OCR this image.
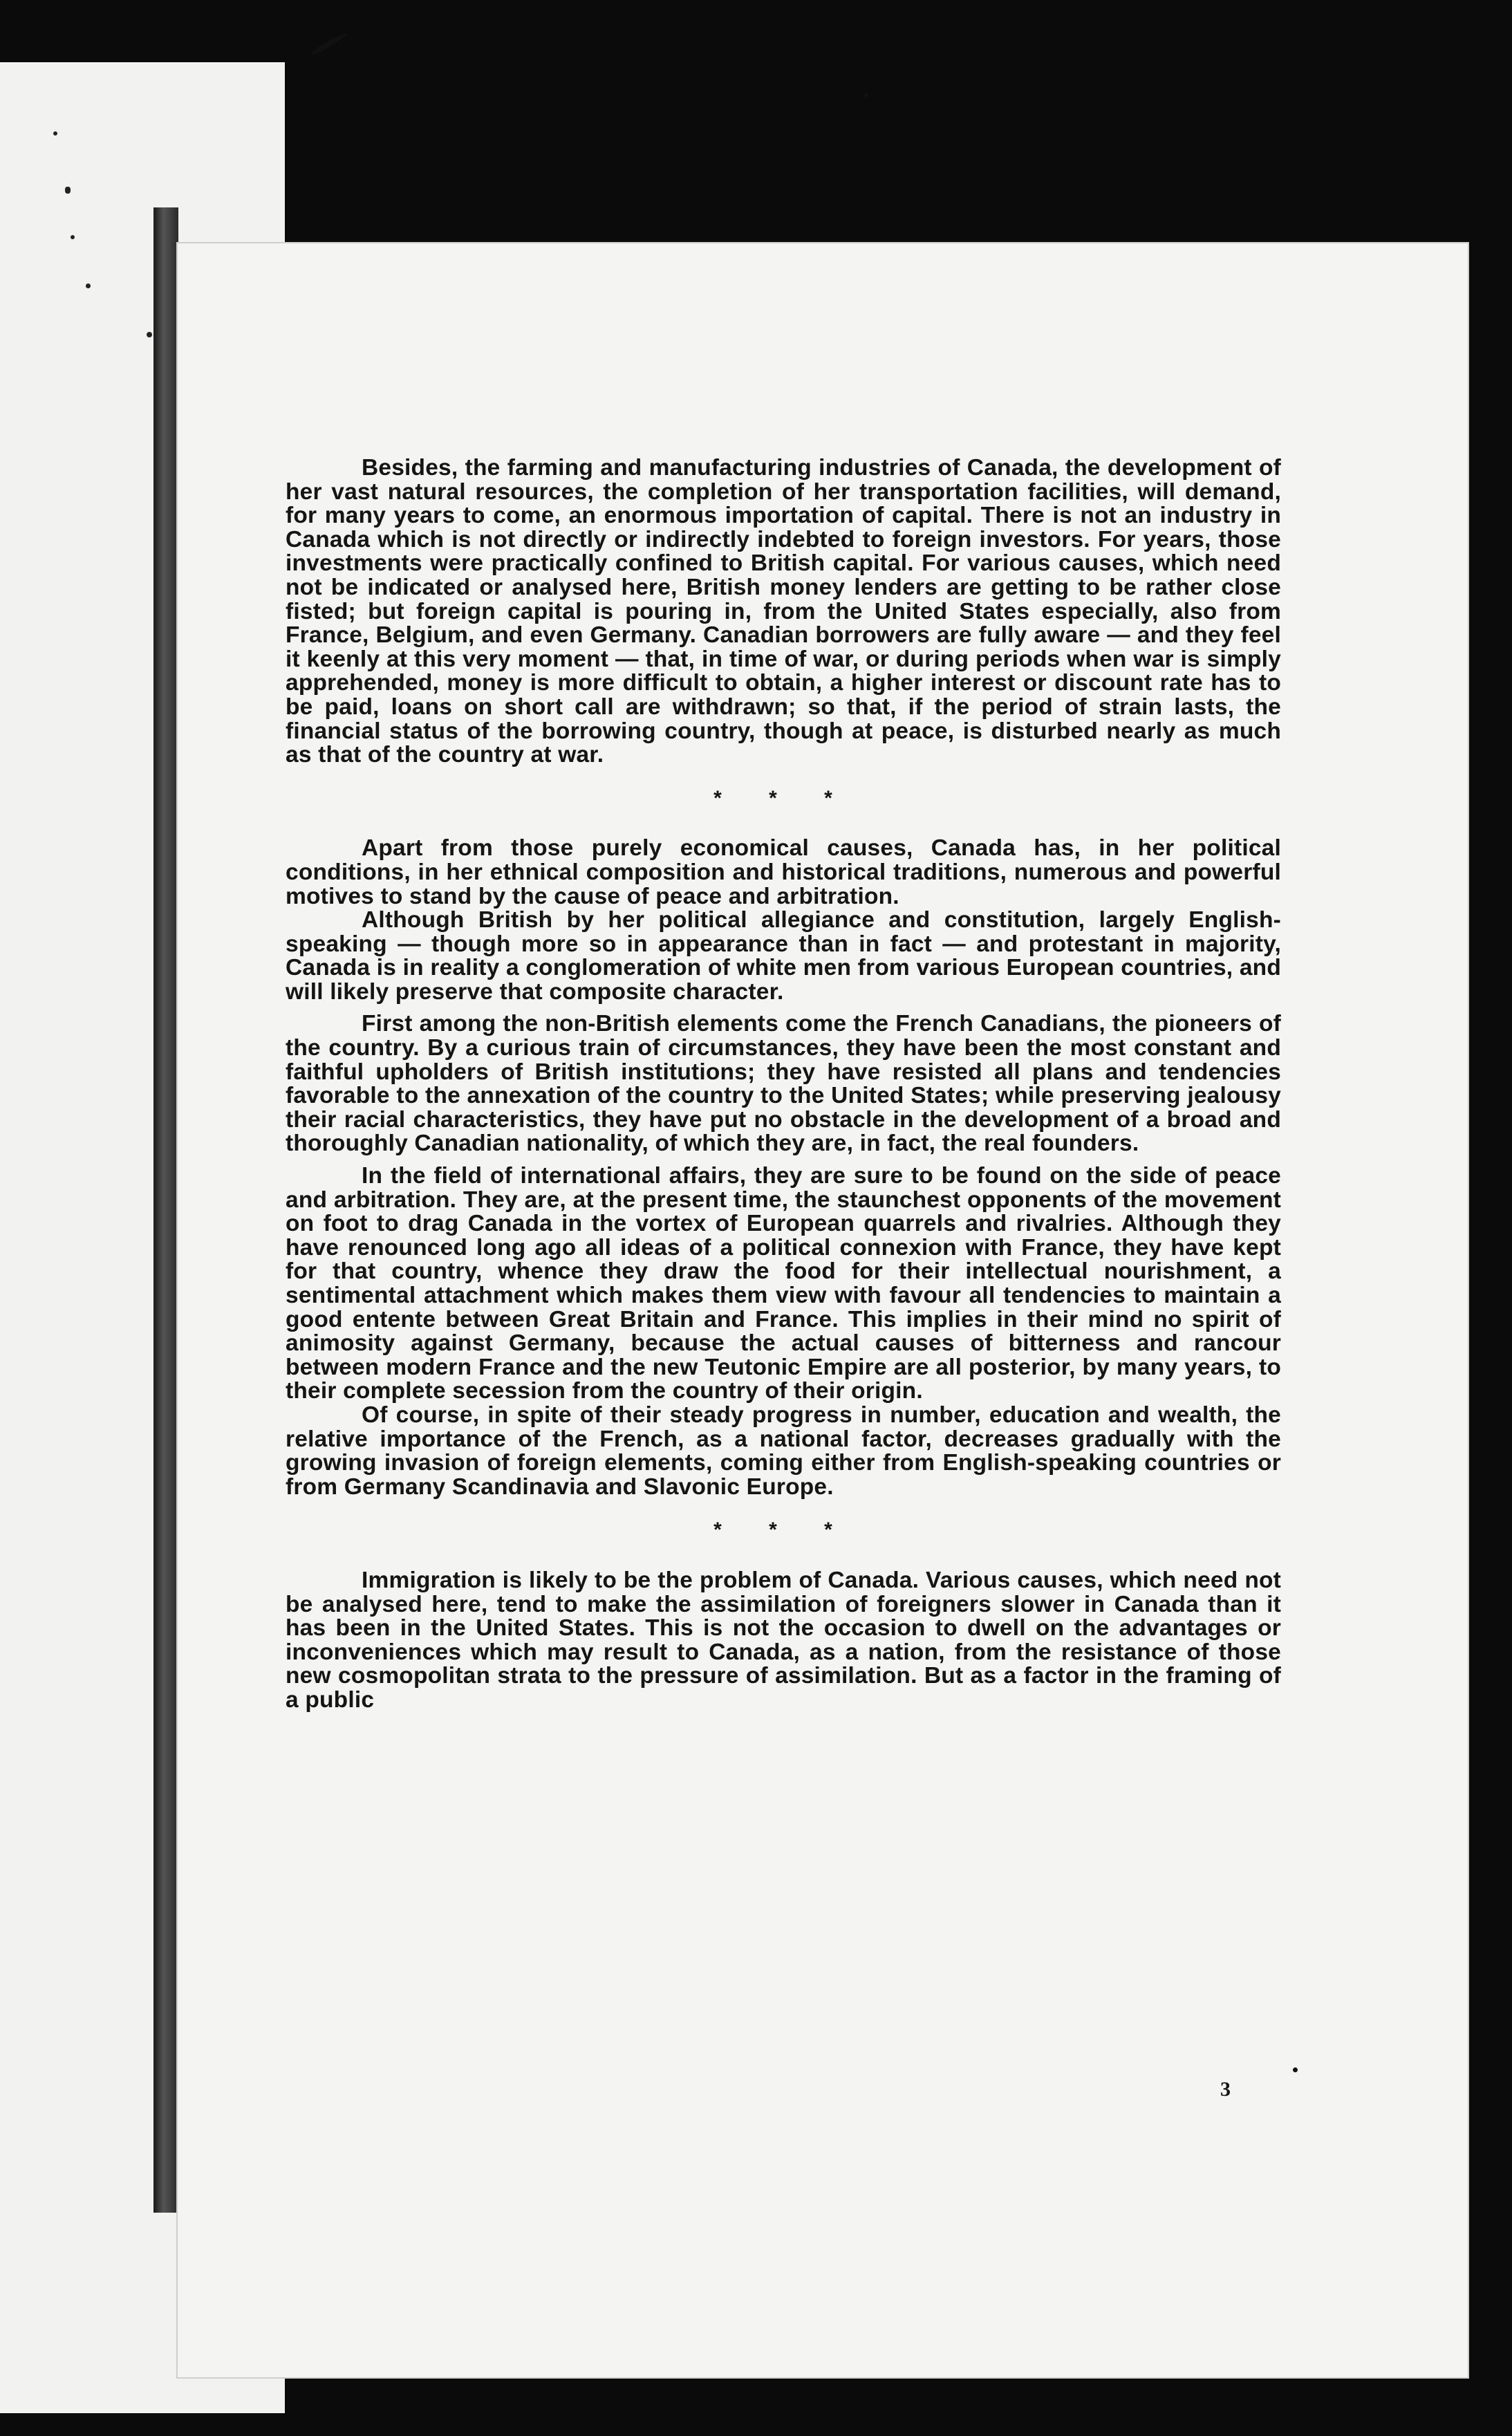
Besides, the farming and manufacturing industries of Canada, the development of her vast natural resources, the completion of her transportation facilities, will demand, for many years to come, an enormous importation of capital. There is not an industry in Canada which is not directly or indirectly indebted to foreign investors. For years, those investments were practically confined to British capital. For various causes, which need not be indicated or analysed here, British money lenders are getting to be rather close fisted; but foreign capital is pouring in, from the United States especially, also from France, Belgium, and even Germany. Canadian borrowers are fully aware — and they feel it keenly at this very moment — that, in time of war, or during periods when war is simply apprehended, money is more difficult to obtain, a higher interest or discount rate has to be paid, loans on short call are withdrawn; so that, if the period of strain lasts, the financial status of the borrowing country, though at peace, is disturbed nearly as much as that of the country at war.

* * *

Apart from those purely economical causes, Canada has, in her political conditions, in her ethnical composition and historical traditions, numerous and powerful motives to stand by the cause of peace and arbitration.

Although British by her political allegiance and constitution, largely English-speaking — though more so in appearance than in fact — and protestant in majority, Canada is in reality a conglomeration of white men from various European countries, and will likely preserve that composite character.

First among the non-British elements come the French Canadians, the pioneers of the country. By a curious train of circumstances, they have been the most constant and faithful upholders of British institutions; they have resisted all plans and tendencies favorable to the annexation of the country to the United States; while preserving jealousy their racial characteristics, they have put no obstacle in the development of a broad and thoroughly Canadian nationality, of which they are, in fact, the real founders.

In the field of international affairs, they are sure to be found on the side of peace and arbitration. They are, at the present time, the staunchest opponents of the movement on foot to drag Canada in the vortex of European quarrels and rivalries. Although they have renounced long ago all ideas of a political connexion with France, they have kept for that country, whence they draw the food for their intellectual nourishment, a sentimental attachment which makes them view with favour all tendencies to maintain a good entente between Great Britain and France. This implies in their mind no spirit of animosity against Germany, because the actual causes of bitterness and rancour between modern France and the new Teutonic Empire are all posterior, by many years, to their complete secession from the country of their origin.

Of course, in spite of their steady progress in number, education and wealth, the relative importance of the French, as a national factor, decreases gradually with the growing invasion of foreign elements, coming either from English-speaking countries or from Germany Scandinavia and Slavonic Europe.

* * *

Immigration is likely to be the problem of Canada. Various causes, which need not be analysed here, tend to make the assimilation of foreigners slower in Canada than it has been in the United States. This is not the occasion to dwell on the advantages or inconveniences which may result to Canada, as a nation, from the resistance of those new cosmopolitan strata to the pressure of assimilation. But as a factor in the framing of a public

3
